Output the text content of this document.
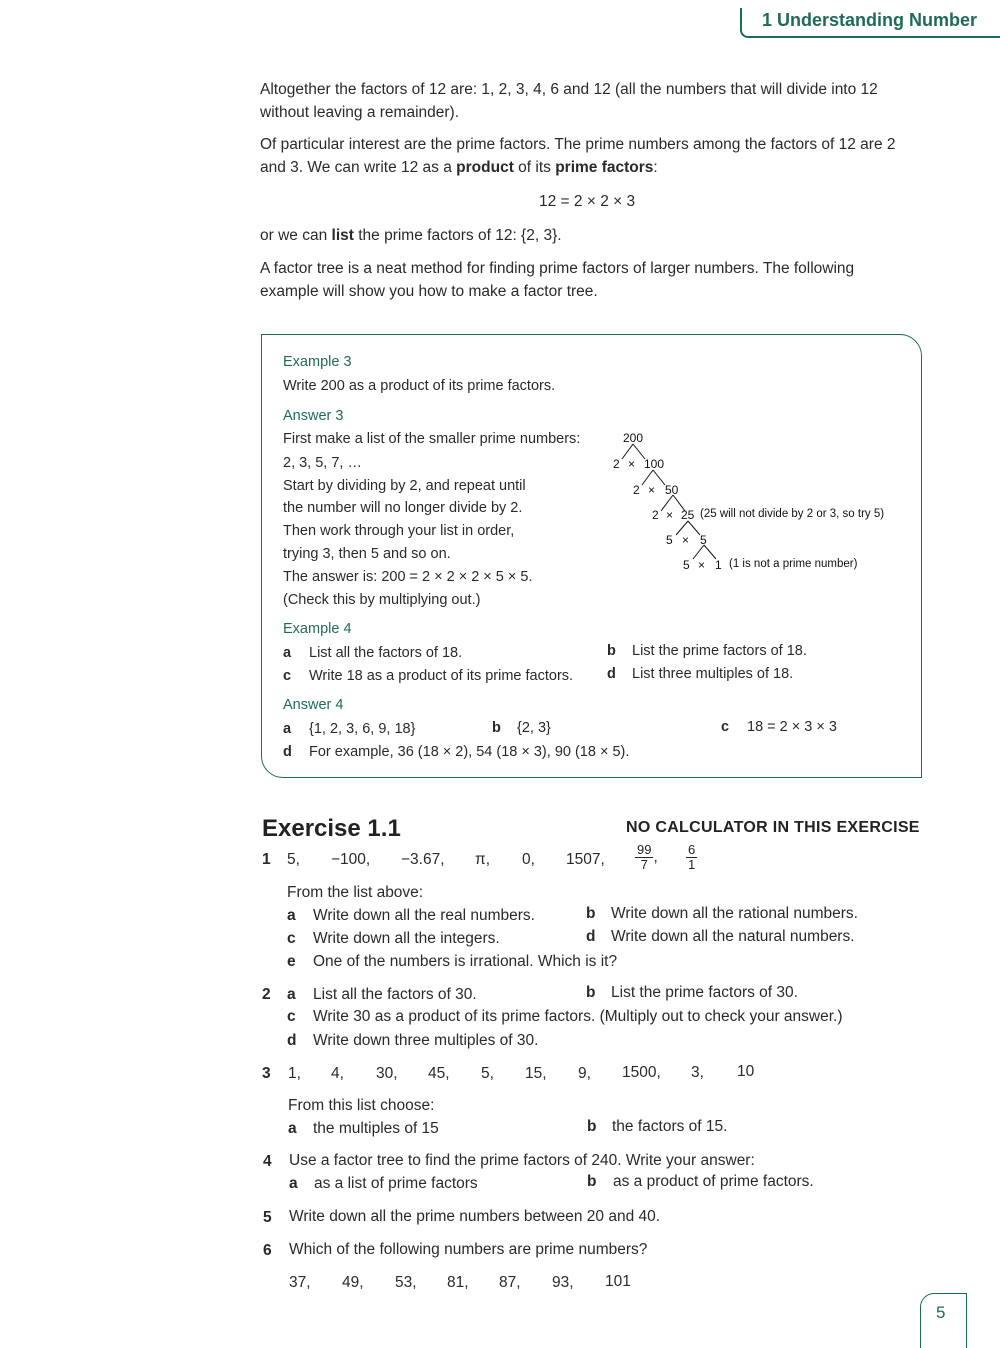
1 Understanding Number
Altogether the factors of 12 are: 1, 2, 3, 4, 6 and 12 (all the numbers that will divide into 12
without leaving a remainder).
Of particular interest are the prime factors. The prime numbers among the factors of 12 are 2
and 3. We can write 12 as a product of its prime factors:
12 = 2 × 2 × 3
or we can list the prime factors of 12: {2, 3}.
A factor tree is a neat method for finding prime factors of larger numbers. The following
example will show you how to make a factor tree.
Example 3
Write 200 as a product of its prime factors.
Answer 3
First make a list of the smaller prime numbers:
2, 3, 5, 7, …
Start by dividing by 2, and repeat until
the number will no longer divide by 2.
Then work through your list in order,
trying 3, then 5 and so on.
The answer is: 200 = 2 × 2 × 2 × 5 × 5.
(Check this by multiplying out.)
200
2 × 100
2 × 50
2 × 25 (25 will not divide by 2 or 3, so try 5)
5 × 5
5 × 1 (1 is not a prime number)
Example 4
a List all the factors of 18.	b List the prime factors of 18.
c Write 18 as a product of its prime factors. d List three multiples of 18.
Answer 4
a {1, 2, 3, 6, 9, 18}	b {2, 3}	c 18 = 2 × 3 × 3
d For example, 36 (18 × 2), 54 (18 × 3), 90 (18 × 5).
Exercise 1.1	NO CALCULATOR IN THIS EXERCISE
1 5, −100, −3.67, π, 0, 1507, $\frac{99}{7}$ , $\frac{6}{1}$
From the list above:
a Write down all the real numbers.	b Write down all the rational numbers.
c Write down all the integers.	d Write down all the natural numbers.
e One of the numbers is irrational. Which is it?
2 a List all the factors of 30.	b List the prime factors of 30.
c Write 30 as a product of its prime factors. (Multiply out to check your answer.)
d Write down three multiples of 30.
3 1, 4, 30, 45, 5, 15, 9, 1500, 3, 10
From this list choose:
a the multiples of 15	b the factors of 15.
4 Use a factor tree to find the prime factors of 240. Write your answer:
a as a list of prime factors	b as a product of prime factors.
5 Write down all the prime numbers between 20 and 40.
6 Which of the following numbers are prime numbers?
37, 49, 53, 81, 87, 93, 101
5
